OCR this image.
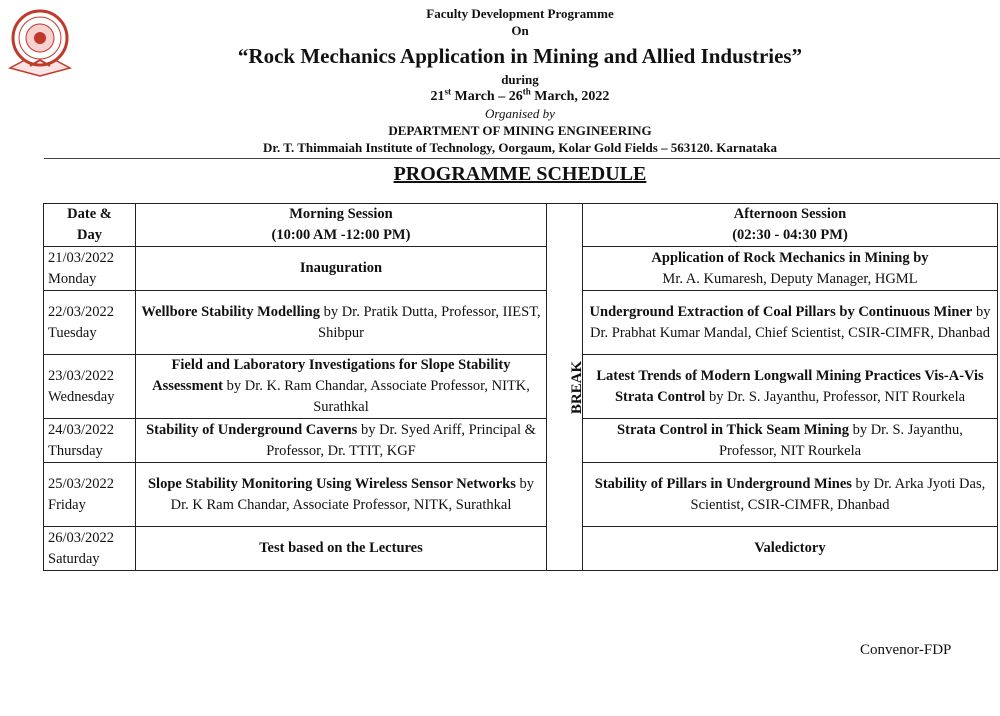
Faculty Development Programme
On
“Rock Mechanics Application in Mining and Allied Industries”
during
21st March – 26th March, 2022
Organised by
DEPARTMENT OF MINING ENGINEERING
Dr. T. Thimmaiah Institute of Technology, Oorgaum, Kolar Gold Fields – 563120. Karnataka
PROGRAMME SCHEDULE
Date &
Day	Morning Session
(10:00 AM -12:00 PM)	BREAK	Afternoon Session
(02:30 - 04:30 PM)
21/03/2022
Monday	Inauguration		Application of Rock Mechanics in Mining by
Mr. A. Kumaresh, Deputy Manager, HGML
22/03/2022
Tuesday	Wellbore Stability Modelling by Dr. Pratik Dutta, Professor, IIEST, Shibpur		Underground Extraction of Coal Pillars by Continuous Miner by Dr. Prabhat Kumar Mandal, Chief Scientist, CSIR-CIMFR, Dhanbad
23/03/2022
Wednesday	Field and Laboratory Investigations for Slope Stability Assessment by Dr. K. Ram Chandar, Associate Professor, NITK, Surathkal		Latest Trends of Modern Longwall Mining Practices Vis-A-Vis Strata Control by Dr. S. Jayanthu, Professor, NIT Rourkela
24/03/2022
Thursday	Stability of Underground Caverns by Dr. Syed Ariff, Principal & Professor, Dr. TTIT, KGF		Strata Control in Thick Seam Mining by Dr. S. Jayanthu, Professor, NIT Rourkela
25/03/2022
Friday	Slope Stability Monitoring Using Wireless Sensor Networks by Dr. K Ram Chandar, Associate Professor, NITK, Surathkal		Stability of Pillars in Underground Mines by Dr. Arka Jyoti Das, Scientist, CSIR-CIMFR, Dhanbad
26/03/2022
Saturday	Test based on the Lectures		Valedictory
Convenor-FDP
